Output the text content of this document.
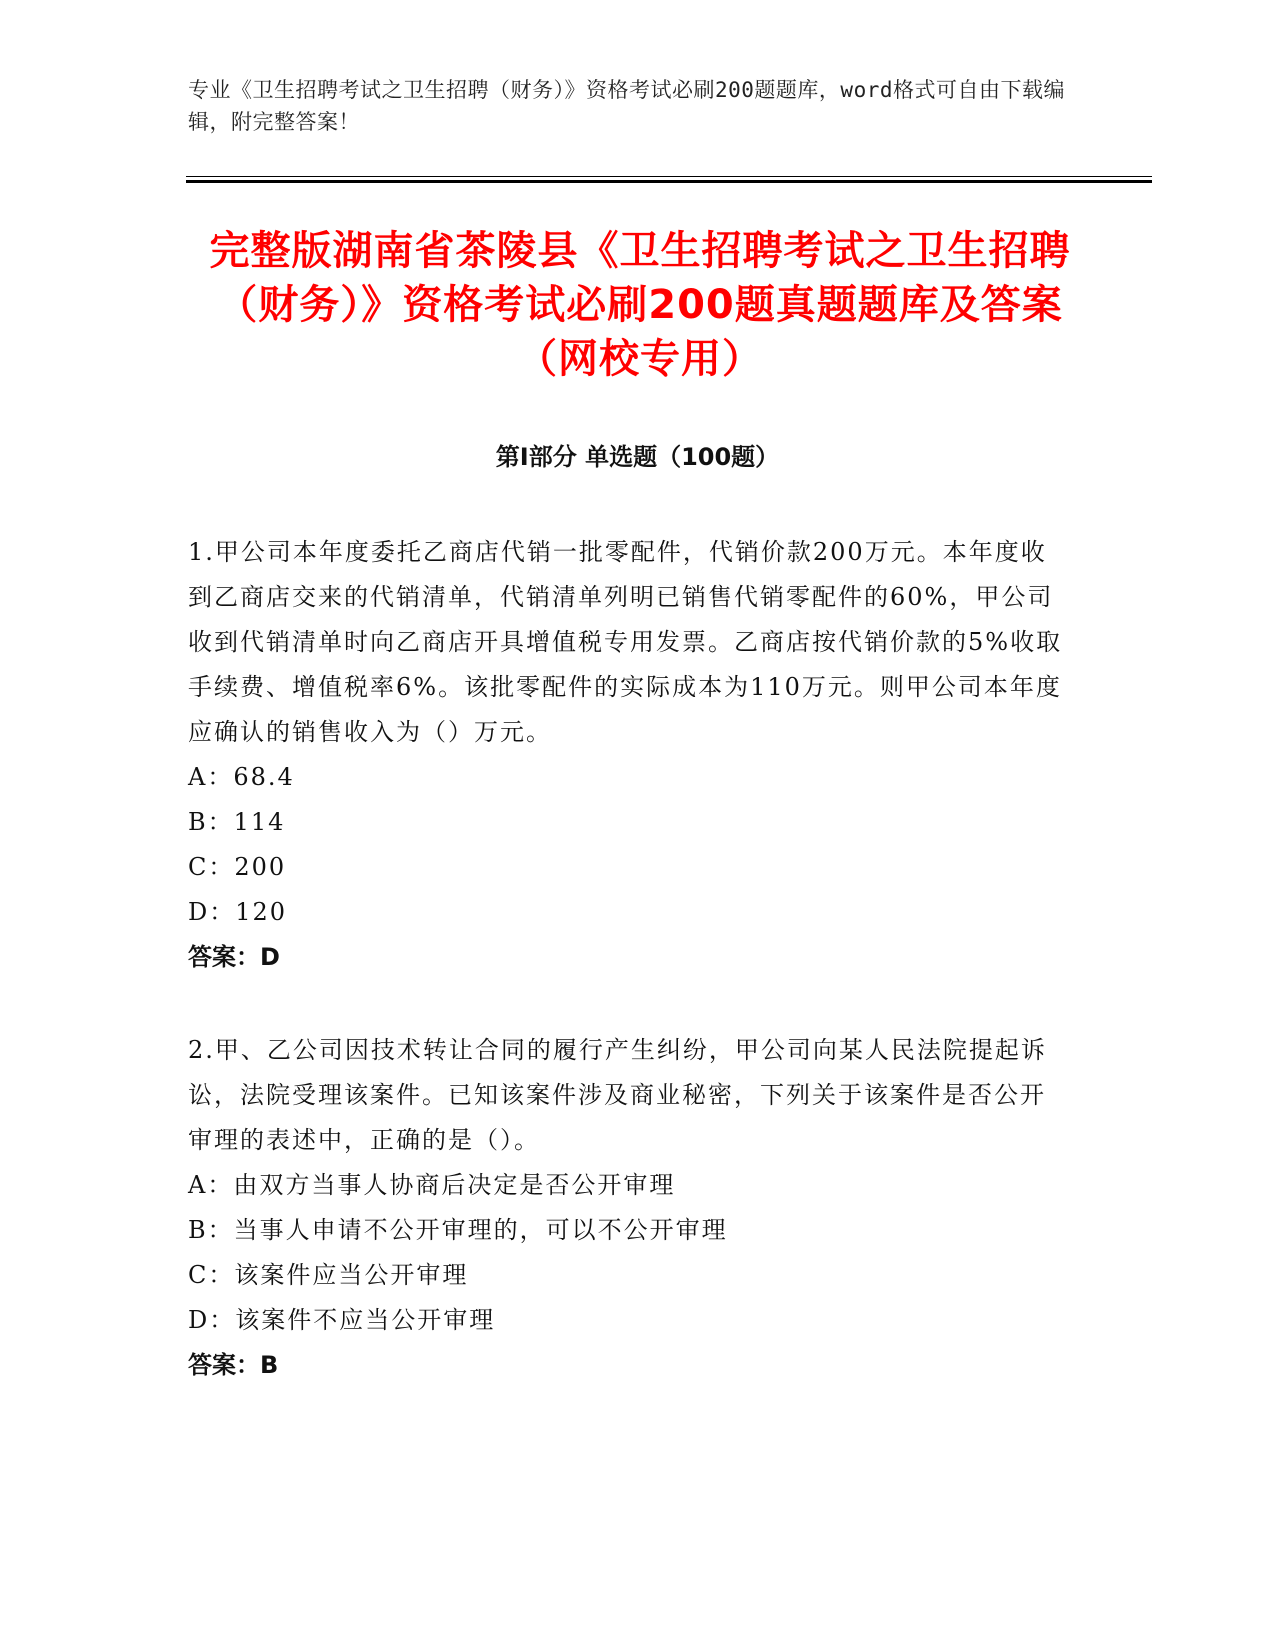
专业《卫生招聘考试之卫生招聘（财务）》资格考试必刷200题题库，word格式可自由下载编辑，附完整答案！
完整版湖南省茶陵县《卫生招聘考试之卫生招聘（财务）》资格考试必刷200题真题题库及答案（网校专用）
第Ⅰ部分 单选题（100题）

1.甲公司本年度委托乙商店代销一批零配件，代销价款200万元。本年度收到乙商店交来的代销清单，代销清单列明已销售代销零配件的60%，甲公司收到代销清单时向乙商店开具增值税专用发票。乙商店按代销价款的5%收取手续费、增值税率6%。该批零配件的实际成本为110万元。则甲公司本年度应确认的销售收入为（）万元。

A：68.4

B：114

C：200

D：120

答案：D

2.甲、乙公司因技术转让合同的履行产生纠纷，甲公司向某人民法院提起诉讼，法院受理该案件。已知该案件涉及商业秘密，下列关于该案件是否公开审理的表述中，正确的是（）。

A：由双方当事人协商后决定是否公开审理

B：当事人申请不公开审理的，可以不公开审理

C：该案件应当公开审理

D：该案件不应当公开审理

答案：B
